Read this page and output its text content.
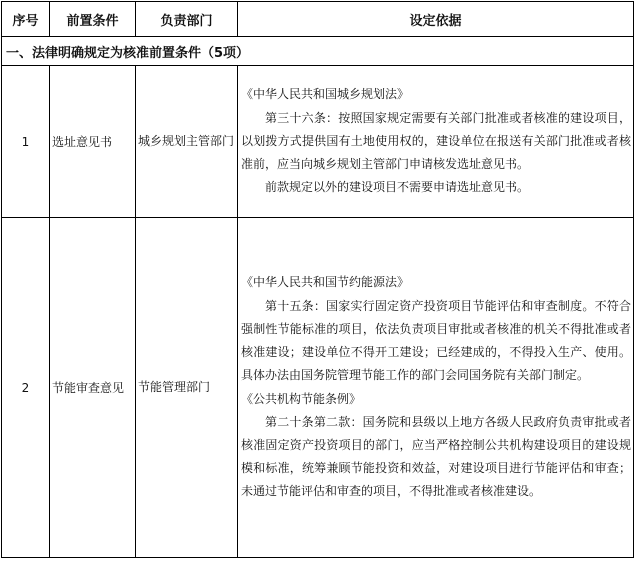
序号	前置条件	负责部门	设定依据
一、法律明确规定为核准前置条件（5项）			
1	选址意见书	城乡规划主管部门	《中华人民共和国城乡规划法》

第三十六条：按照国家规定需要有关部门批准或者核准的建设项目，以划拨方式提供国有土地使用权的，建设单位在报送有关部门批准或者核准前，应当向城乡规划主管部门申请核发选址意见书。

前款规定以外的建设项目不需要申请选址意见书。

2	节能审查意见	节能管理部门	《中华人民共和国节约能源法》

第十五条：国家实行固定资产投资项目节能评估和审查制度。不符合强制性节能标准的项目，依法负责项目审批或者核准的机关不得批准或者核准建设；建设单位不得开工建设；已经建成的，不得投入生产、使用。具体办法由国务院管理节能工作的部门会同国务院有关部门制定。

《公共机构节能条例》

第二十条第二款：国务院和县级以上地方各级人民政府负责审批或者核准固定资产投资项目的部门，应当严格控制公共机构建设项目的建设规模和标准，统筹兼顾节能投资和效益，对建设项目进行节能评估和审查；未通过节能评估和审查的项目，不得批准或者核准建设。
